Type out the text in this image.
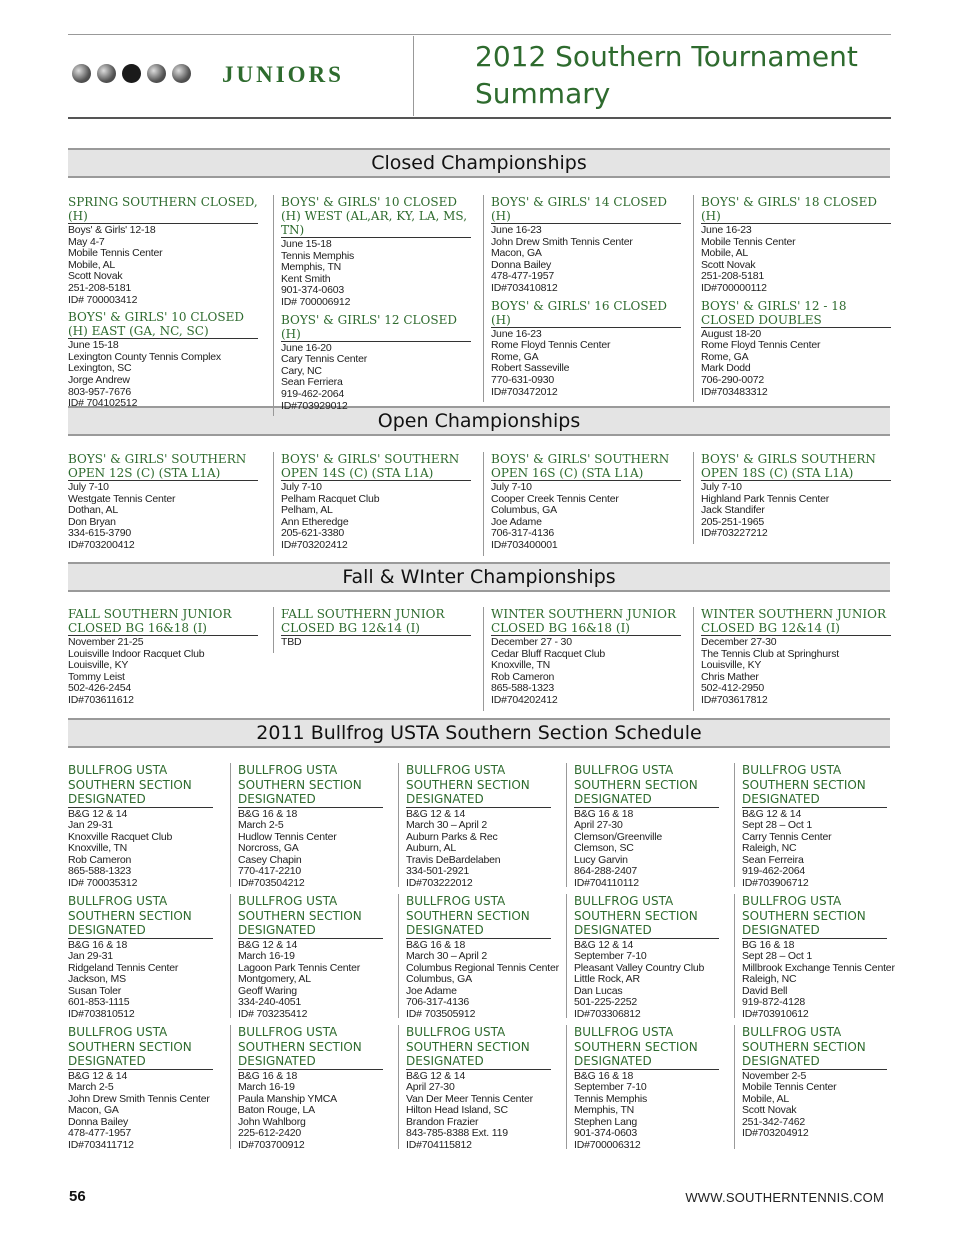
JUNIORS
2012 Southern Tournament Summary
Closed Championships
Open Championships
Fall & WInter Championships
2011 Bullfrog USTA Southern Section Schedule
SPRING SOUTHERN CLOSED, (H)
Boys' & Girls' 12-18
May 4-7
Mobile Tennis Center
Mobile, AL
Scott Novak
251-208-5181
ID# 700003412
BOYS' & GIRLS' 10 CLOSED (H) EAST (GA, NC, SC)
June 15-18
Lexington County Tennis Complex
Lexington, SC
Jorge Andrew
803-957-7676
ID# 704102512
BOYS' & GIRLS' 10 CLOSED (H) WEST (AL,AR, KY, LA, MS, TN)
June 15-18
Tennis Memphis
Memphis, TN
Kent Smith
901-374-0603
ID# 700006912
BOYS' & GIRLS' 12 CLOSED (H)
June 16-20
Cary Tennis Center
Cary, NC
Sean Ferriera
919-462-2064
ID#703929012
BOYS' & GIRLS' 14 CLOSED (H)
June 16-23
John Drew Smith Tennis Center
Macon, GA
Donna Bailey
478-477-1957
ID#703410812
BOYS' & GIRLS' 16 CLOSED (H)
June 16-23
Rome Floyd Tennis Center
Rome, GA
Robert Sasseville
770-631-0930
ID#703472012
BOYS' & GIRLS' 18 CLOSED (H)
June 16-23
Mobile Tennis Center
Mobile, AL
Scott Novak
251-208-5181
ID#700000112
BOYS' & GIRLS' 12 - 18 CLOSED DOUBLES
August 18-20
Rome Floyd Tennis Center
Rome, GA
Mark Dodd
706-290-0072
ID#703483312
BOYS' & GIRLS' SOUTHERN OPEN 12S (C) (STA L1A)
July 7-10
Westgate Tennis Center
Dothan, AL
Don Bryan
334-615-3790
ID#703200412
BOYS' & GIRLS' SOUTHERN OPEN 14S (C) (STA L1A)
July 7-10
Pelham Racquet Club
Pelham, AL
Ann Etheredge
205-621-3380
ID#703202412
BOYS' & GIRLS' SOUTHERN OPEN 16S (C) (STA L1A)
July 7-10
Cooper Creek Tennis Center
Columbus, GA
Joe Adame
706-317-4136
ID#703400001
BOYS' & GIRLS SOUTHERN OPEN 18S (C) (STA L1A)
July 7-10
Highland Park Tennis Center
Jack Standifer
205-251-1965
ID#703227212
FALL SOUTHERN JUNIOR CLOSED BG 16&18 (I)
November 21-25
Louisville Indoor Racquet Club
Louisville, KY
Tommy Leist
502-426-2454
ID#703611612
FALL SOUTHERN JUNIOR CLOSED BG 12&14 (I)
TBD
WINTER SOUTHERN JUNIOR CLOSED BG 16&18 (I)
December 27 - 30
Cedar Bluff Racquet Club
Knoxville, TN
Rob Cameron
865-588-1323
ID#704202412
WINTER SOUTHERN JUNIOR CLOSED BG 12&14 (I)
December 27-30
The Tennis Club at Springhurst
Louisville, KY
Chris Mather
502-412-2950
ID#703617812
BULLFROG USTA SOUTHERN SECTION DESIGNATED
B&G 12 & 14
Jan 29-31
Knoxville Racquet Club
Knoxville, TN
Rob Cameron
865-588-1323
ID# 700035312
BULLFROG USTA SOUTHERN SECTION DESIGNATED
B&G 16 & 18
Jan 29-31
Ridgeland Tennis Center
Jackson, MS
Susan Toler
601-853-1115
ID#703810512
BULLFROG USTA SOUTHERN SECTION DESIGNATED
B&G 12 & 14
March 2-5
John Drew Smith Tennis Center
Macon, GA
Donna Bailey
478-477-1957
ID#703411712
BULLFROG USTA SOUTHERN SECTION DESIGNATED
B&G 16 & 18
March 2-5
Hudlow Tennis Center
Norcross, GA
Casey Chapin
770-417-2210
ID#703504212
BULLFROG USTA SOUTHERN SECTION DESIGNATED
B&G 12 & 14
March 16-19
Lagoon Park Tennis Center
Montgomery, AL
Geoff Waring
334-240-4051
ID# 703235412
BULLFROG USTA SOUTHERN SECTION DESIGNATED
B&G 16 & 18
March 16-19
Paula Manship YMCA
Baton Rouge, LA
John Wahlborg
225-612-2420
ID#703700912
BULLFROG USTA SOUTHERN SECTION DESIGNATED
B&G 12 & 14
March 30 – April 2
Auburn Parks & Rec
Auburn, AL
Travis DeBardelaben
334-501-2921
ID#703222012
BULLFROG USTA SOUTHERN SECTION DESIGNATED
B&G 16 & 18
March 30 – April 2
Columbus Regional Tennis Center
Columbus, GA
Joe Adame
706-317-4136
ID# 703505912
BULLFROG USTA SOUTHERN SECTION DESIGNATED
B&G 12 & 14
April 27-30
Van Der Meer Tennis Center
Hilton Head Island, SC
Brandon Frazier
843-785-8388 Ext. 119
ID#704115812
BULLFROG USTA SOUTHERN SECTION DESIGNATED
B&G 16 & 18
April 27-30
Clemson/Greenville
Clemson, SC
Lucy Garvin
864-288-2407
ID#704110112
BULLFROG USTA SOUTHERN SECTION DESIGNATED
B&G 12 & 14
September 7-10
Pleasant Valley Country Club
Little Rock, AR
Dan Lucas
501-225-2252
ID#703306812
BULLFROG USTA SOUTHERN SECTION DESIGNATED
B&G 16 & 18
September 7-10
Tennis Memphis
Memphis, TN
Stephen Lang
901-374-0603
ID#700006312
BULLFROG USTA SOUTHERN SECTION DESIGNATED
B&G 12 & 14
Sept 28 – Oct 1
Carry Tennis Center
Raleigh, NC
Sean Ferreira
919-462-2064
ID#703906712
BULLFROG USTA SOUTHERN SECTION DESIGNATED
BG 16 & 18
Sept 28 – Oct 1
Millbrook Exchange Tennis Center
Raleigh, NC
David Bell
919-872-4128
ID#703910612
BULLFROG USTA SOUTHERN SECTION DESIGNATED
November 2-5
Mobile Tennis Center
Mobile, AL
Scott Novak
251-342-7462
ID#703204912
56	WWW.SOUTHERNTENNIS.COM
